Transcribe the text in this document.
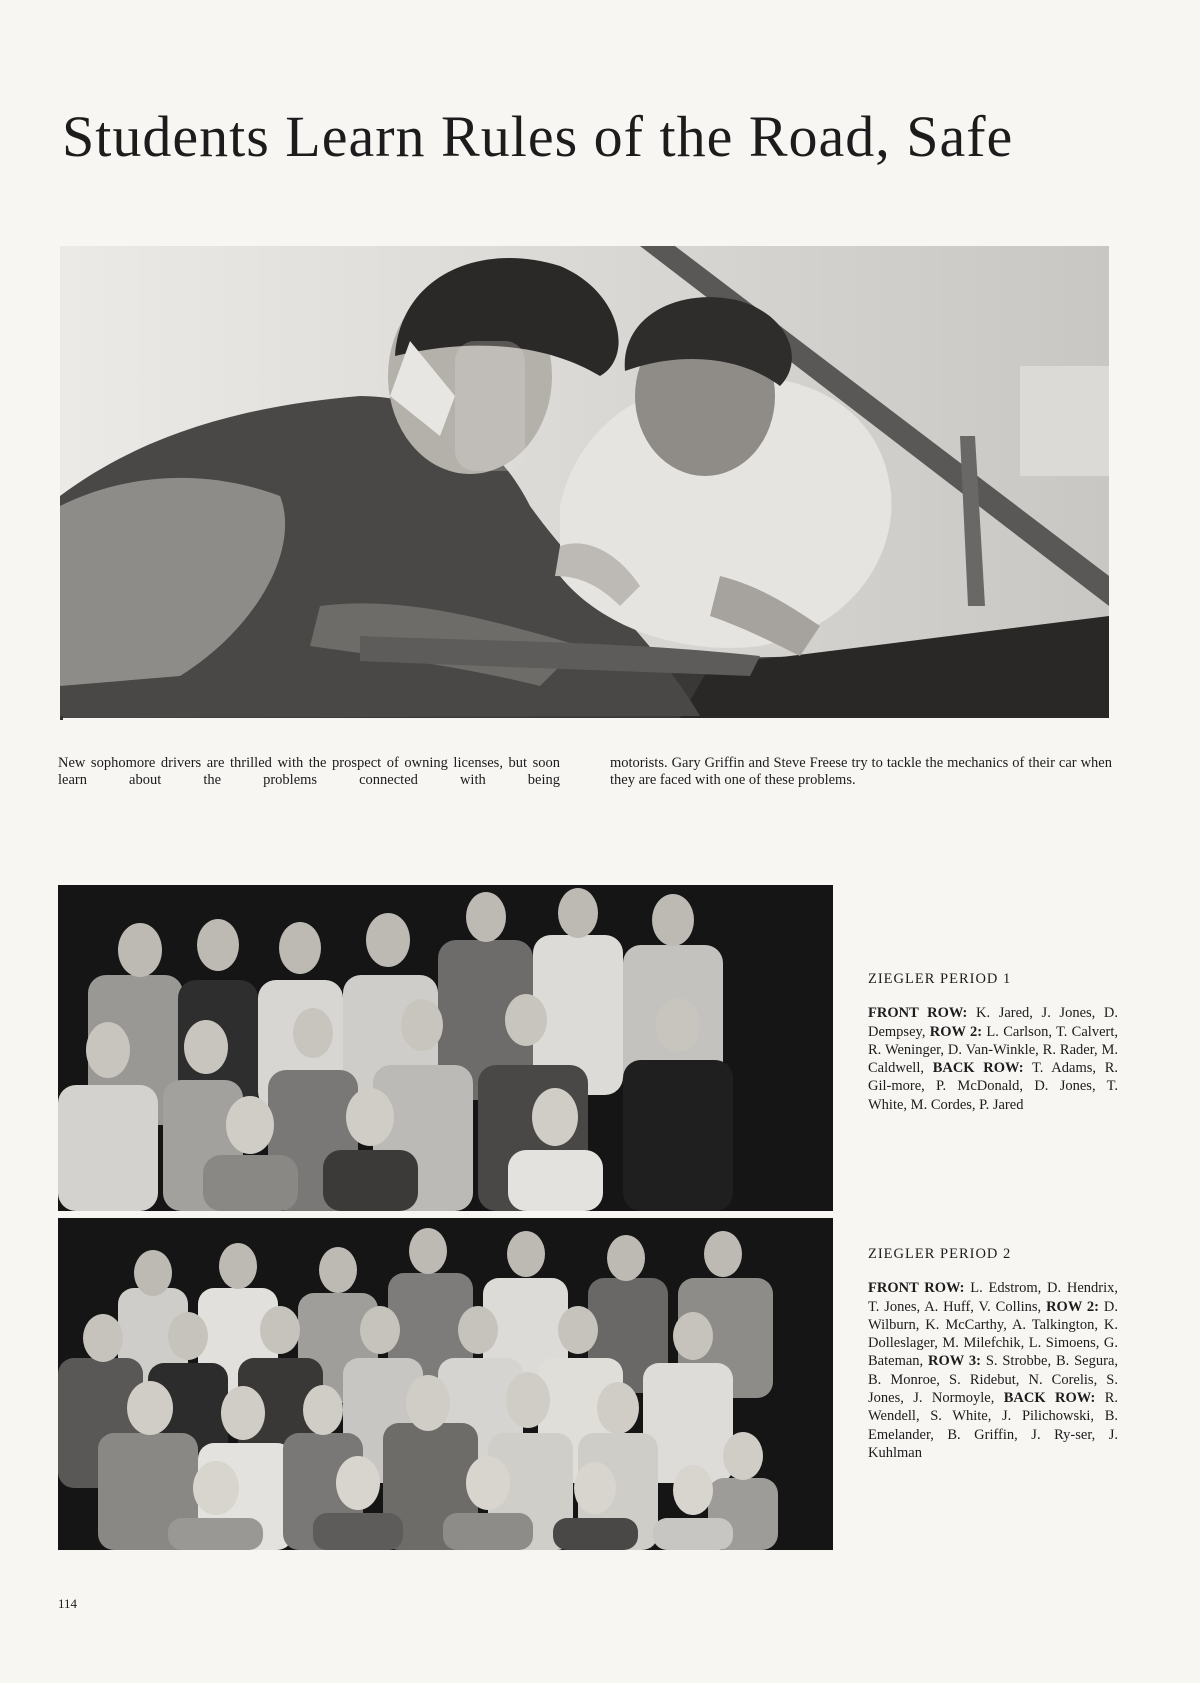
Students Learn Rules of the Road, Safe

New sophomore drivers are thrilled with the prospect of owning licenses, but soon learn about the problems connected with being

motorists. Gary Griffin and Steve Freese try to tackle the mechanics of their car when they are faced with one of these problems.

ZIEGLER PERIOD 1
FRONT ROW: K. Jared, J. Jones, D. Dempsey, ROW 2: L. Carlson, T. Calvert, R. Weninger, D. Van-Winkle, R. Rader, M. Caldwell, BACK ROW: T. Adams, R. Gil-more, P. McDonald, D. Jones, T. White, M. Cordes, P. Jared
ZIEGLER PERIOD 2
FRONT ROW: L. Edstrom, D. Hendrix, T. Jones, A. Huff, V. Collins, ROW 2: D. Wilburn, K. McCarthy, A. Talkington, K. Dolleslager, M. Milefchik, L. Simoens, G. Bateman, ROW 3: S. Strobbe, B. Segura, B. Monroe, S. Ridebut, N. Corelis, S. Jones, J. Normoyle, BACK ROW: R. Wendell, S. White, J. Pilichowski, B. Emelander, B. Griffin, J. Ry-ser, J. Kuhlman
114
